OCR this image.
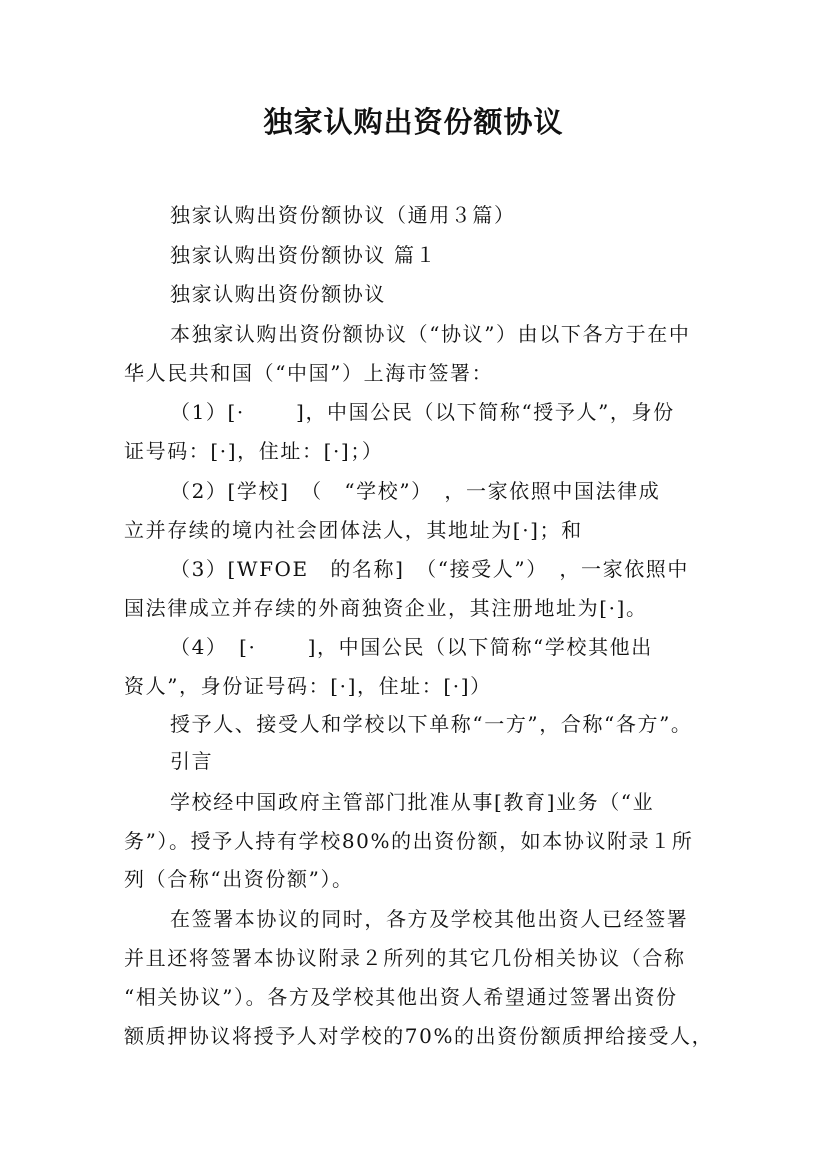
独家认购出资份额协议
独家认购出资份额协议（通用３篇）
独家认购出资份额协议 篇１
独家认购出资份额协议
本独家认购出资份额协议（“协议”）由以下各方于在中
华人民共和国（“中国”）上海市签署：
（1）[·　　 ]，中国公民（以下简称“授予人”，身份
证号码：[·]，住址：[·]；）
（2）[学校]　（　“学校”）　，一家依照中国法律成
立并存续的境内社会团体法人，其地址为[·]；和
（3）[WFOE　的名称]　（“接受人”）　，一家依照中
国法律成立并存续的外商独资企业，其注册地址为[·]。
（4）　[·　　 ]，中国公民（以下简称“学校其他出
资人”，身份证号码：[·]，住址：[·]）
授予人、接受人和学校以下单称“一方”，合称“各方”。
引言
学校经中国政府主管部门批准从事[教育]业务（“业
务”）。授予人持有学校80%的出资份额，如本协议附录１所
列（合称“出资份额”）。
在签署本协议的同时，各方及学校其他出资人已经签署
并且还将签署本协议附录２所列的其它几份相关协议（合称
“相关协议”）。各方及学校其他出资人希望通过签署出资份
额质押协议将授予人对学校的70%的出资份额质押给接受人，
